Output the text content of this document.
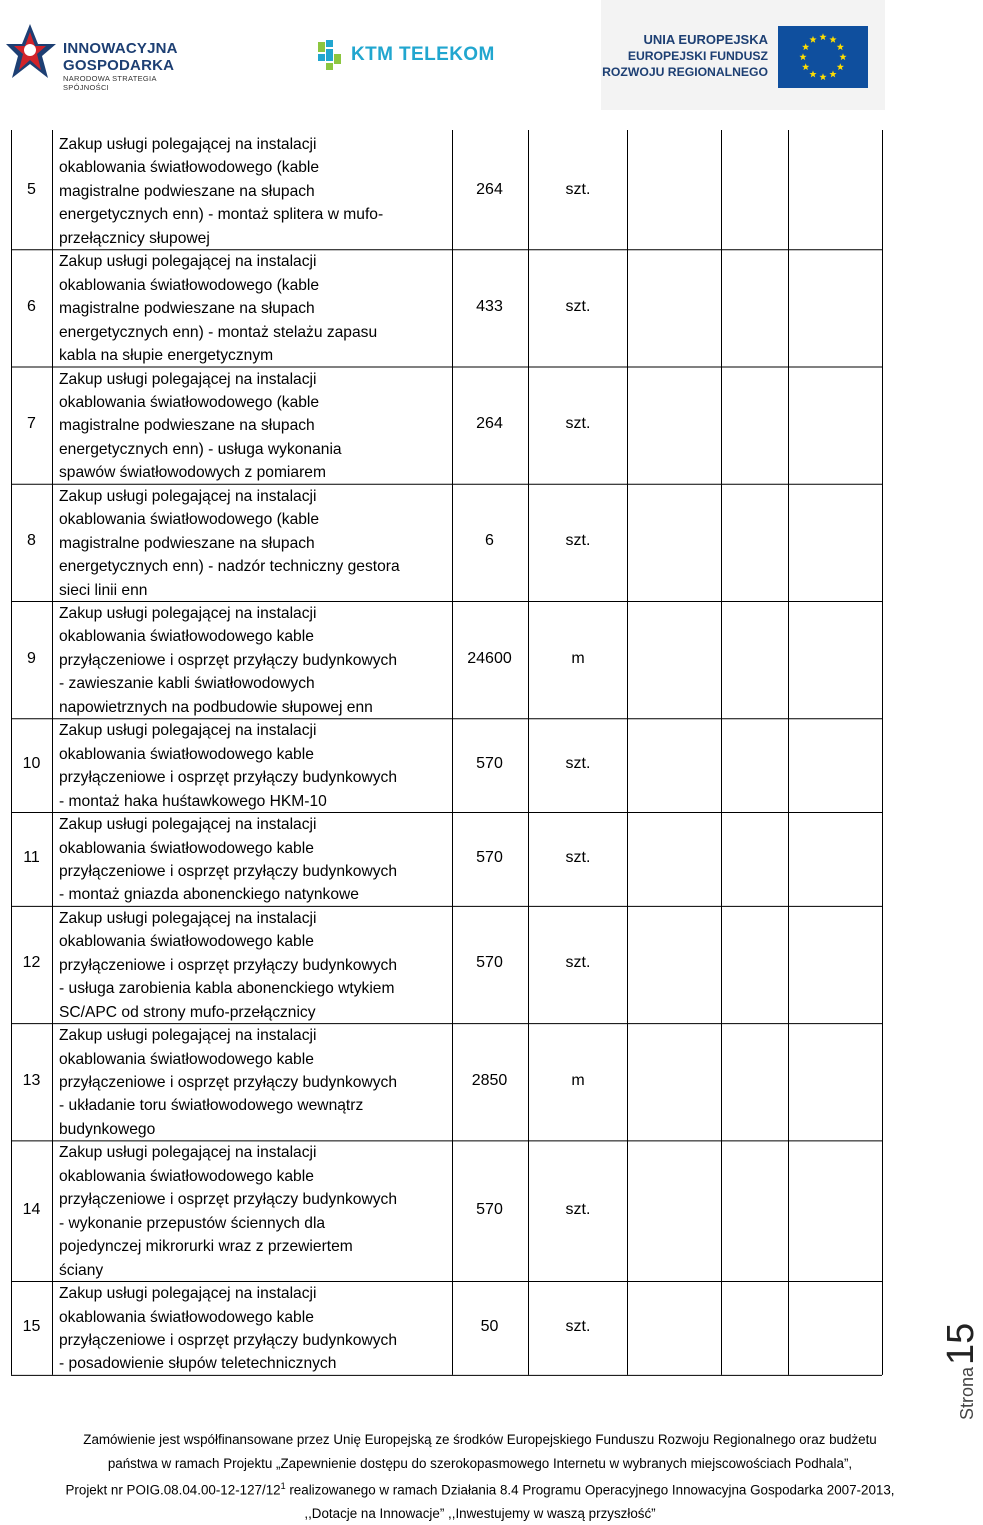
INNOWACYJNA
GOSPODARKA
NARODOWA STRATEGIA SPÓJNOŚCI
KTM TELEKOM
UNIA EUROPEJSKA
EUROPEJSKI FUNDUSZ
ROZWOJU REGIONALNEGO
5
Zakup usługi polegającej na instalacji
okablowania światłowodowego (kable
magistralne podwieszane na słupach
energetycznych enn) - montaż splitera w mufo-
przełącznicy słupowej
264	szt.
6
Zakup usługi polegającej na instalacji
okablowania światłowodowego (kable
magistralne podwieszane na słupach
energetycznych enn) - montaż stelażu zapasu
kabla na słupie energetycznym
433	szt.
7
Zakup usługi polegającej na instalacji
okablowania światłowodowego (kable
magistralne podwieszane na słupach
energetycznych enn) - usługa wykonania
spawów światłowodowych z pomiarem
264	szt.
8
Zakup usługi polegającej na instalacji
okablowania światłowodowego (kable
magistralne podwieszane na słupach
energetycznych enn) - nadzór techniczny gestora
sieci linii enn
6	szt.
9
Zakup usługi polegającej na instalacji
okablowania światłowodowego kable
przyłączeniowe i osprzęt przyłączy budynkowych
- zawieszanie kabli światłowodowych
napowietrznych na podbudowie słupowej enn
24600	m
10
Zakup usługi polegającej na instalacji
okablowania światłowodowego kable
przyłączeniowe i osprzęt przyłączy budynkowych
- montaż haka huśtawkowego HKM-10
570	szt.
11
Zakup usługi polegającej na instalacji
okablowania światłowodowego kable
przyłączeniowe i osprzęt przyłączy budynkowych
- montaż gniazda abonenckiego natynkowe
570	szt.
12
Zakup usługi polegającej na instalacji
okablowania światłowodowego kable
przyłączeniowe i osprzęt przyłączy budynkowych
- usługa zarobienia kabla abonenckiego wtykiem
SC/APC od strony mufo-przełącznicy
570	szt.
13
Zakup usługi polegającej na instalacji
okablowania światłowodowego kable
przyłączeniowe i osprzęt przyłączy budynkowych
- układanie toru światłowodowego wewnątrz
budynkowego
2850	m
14
Zakup usługi polegającej na instalacji
okablowania światłowodowego kable
przyłączeniowe i osprzęt przyłączy budynkowych
- wykonanie przepustów ściennych dla
pojedynczej mikrorurki wraz z przewiertem
ściany
570	szt.
15
Zakup usługi polegającej na instalacji
okablowania światłowodowego kable
przyłączeniowe i osprzęt przyłączy budynkowych
- posadowienie słupów teletechnicznych
50	szt.
Strona15
Zamówienie jest współfinansowane przez Unię Europejską ze środków Europejskiego Funduszu Rozwoju Regionalnego oraz budżetu
państwa w ramach Projektu „Zapewnienie dostępu do szerokopasmowego Internetu w wybranych miejscowościach Podhala”,
Projekt nr $POIG.08.04.00-12-127/12^1$ realizowanego w ramach Działania 8.4 Programu Operacyjnego Innowacyjna Gospodarka 2007-2013,
,,Dotacje na Innowacje” ,,Inwestujemy w waszą przyszłość”
